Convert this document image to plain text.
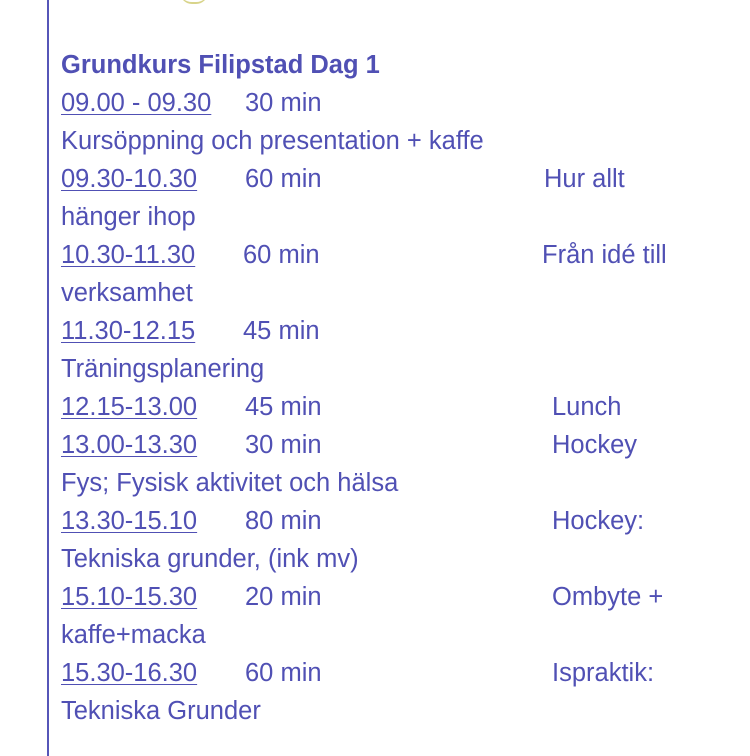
Grundkurs Filipstad Dag 1
09.00 - 09.30 30 min
Kursöppning och presentation + kaffe
09.30-10.30 60 min	Hur allt
hänger ihop
10.30-11.30 60 min	Från idé till
verksamhet
11.30-12.15 45 min
Träningsplanering
12.15-13.00 45 min	Lunch
13.00-13.30 30 min	Hockey
Fys; Fysisk aktivitet och hälsa
13.30-15.10 80 min	Hockey:
Tekniska grunder, (ink mv)
15.10-15.30 20 min	Ombyte +
kaffe+macka
15.30-16.30 60 min	Ispraktik:
Tekniska Grunder
